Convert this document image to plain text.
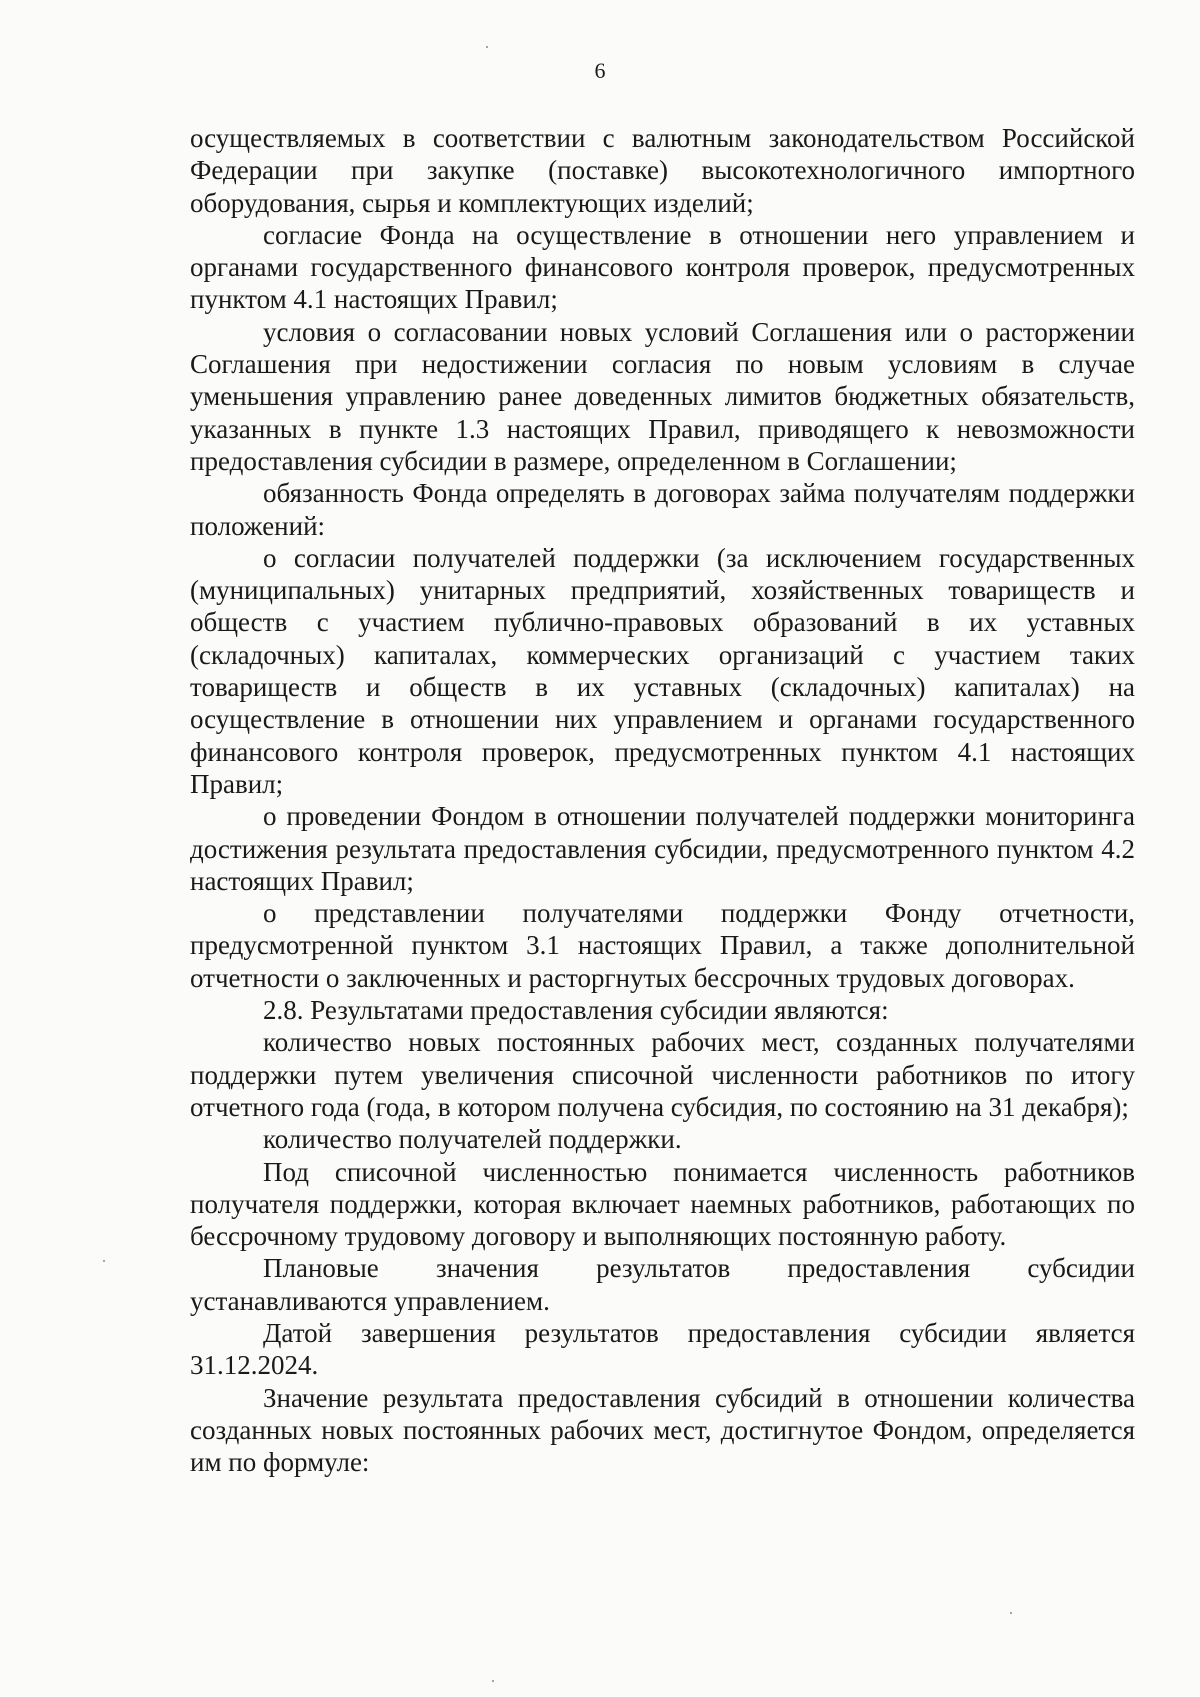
6

осуществляемых в соответствии с валютным законодательством Российской Федерации при закупке (поставке) высокотехнологичного импортного оборудования, сырья и комплектующих изделий;

согласие Фонда на осуществление в отношении него управлением и органами государственного финансового контроля проверок, предусмотренных пунктом 4.1 настоящих Правил;

условия о согласовании новых условий Соглашения или о расторжении Соглашения при недостижении согласия по новым условиям в случае уменьшения управлению ранее доведенных лимитов бюджетных обязательств, указанных в пункте 1.3 настоящих Правил, приводящего к невозможности предоставления субсидии в размере, определенном в Соглашении;

обязанность Фонда определять в договорах займа получателям поддержки положений:

о согласии получателей поддержки (за исключением государственных (муниципальных) унитарных предприятий, хозяйственных товариществ и обществ с участием публично-правовых образований в их уставных (складочных) капиталах, коммерческих организаций с участием таких товариществ и обществ в их уставных (складочных) капиталах) на осуществление в отношении них управлением и органами государственного финансового контроля проверок, предусмотренных пунктом 4.1 настоящих Правил;

о проведении Фондом в отношении получателей поддержки мониторинга достижения результата предоставления субсидии, предусмотренного пунктом 4.2 настоящих Правил;

о представлении получателями поддержки Фонду отчетности, предусмотренной пунктом 3.1 настоящих Правил, а также дополнительной отчетности о заключенных и расторгнутых бессрочных трудовых договорах.

2.8. Результатами предоставления субсидии являются:

количество новых постоянных рабочих мест, созданных получателями поддержки путем увеличения списочной численности работников по итогу отчетного года (года, в котором получена субсидия, по состоянию на 31 декабря);

количество получателей поддержки.

Под списочной численностью понимается численность работников получателя поддержки, которая включает наемных работников, работающих по бессрочному трудовому договору и выполняющих постоянную работу.

Плановые значения результатов предоставления субсидии устанавливаются управлением.

Датой завершения результатов предоставления субсидии является 31.12.2024.

Значение результата предоставления субсидий в отношении количества созданных новых постоянных рабочих мест, достигнутое Фондом, определяется им по формуле:
